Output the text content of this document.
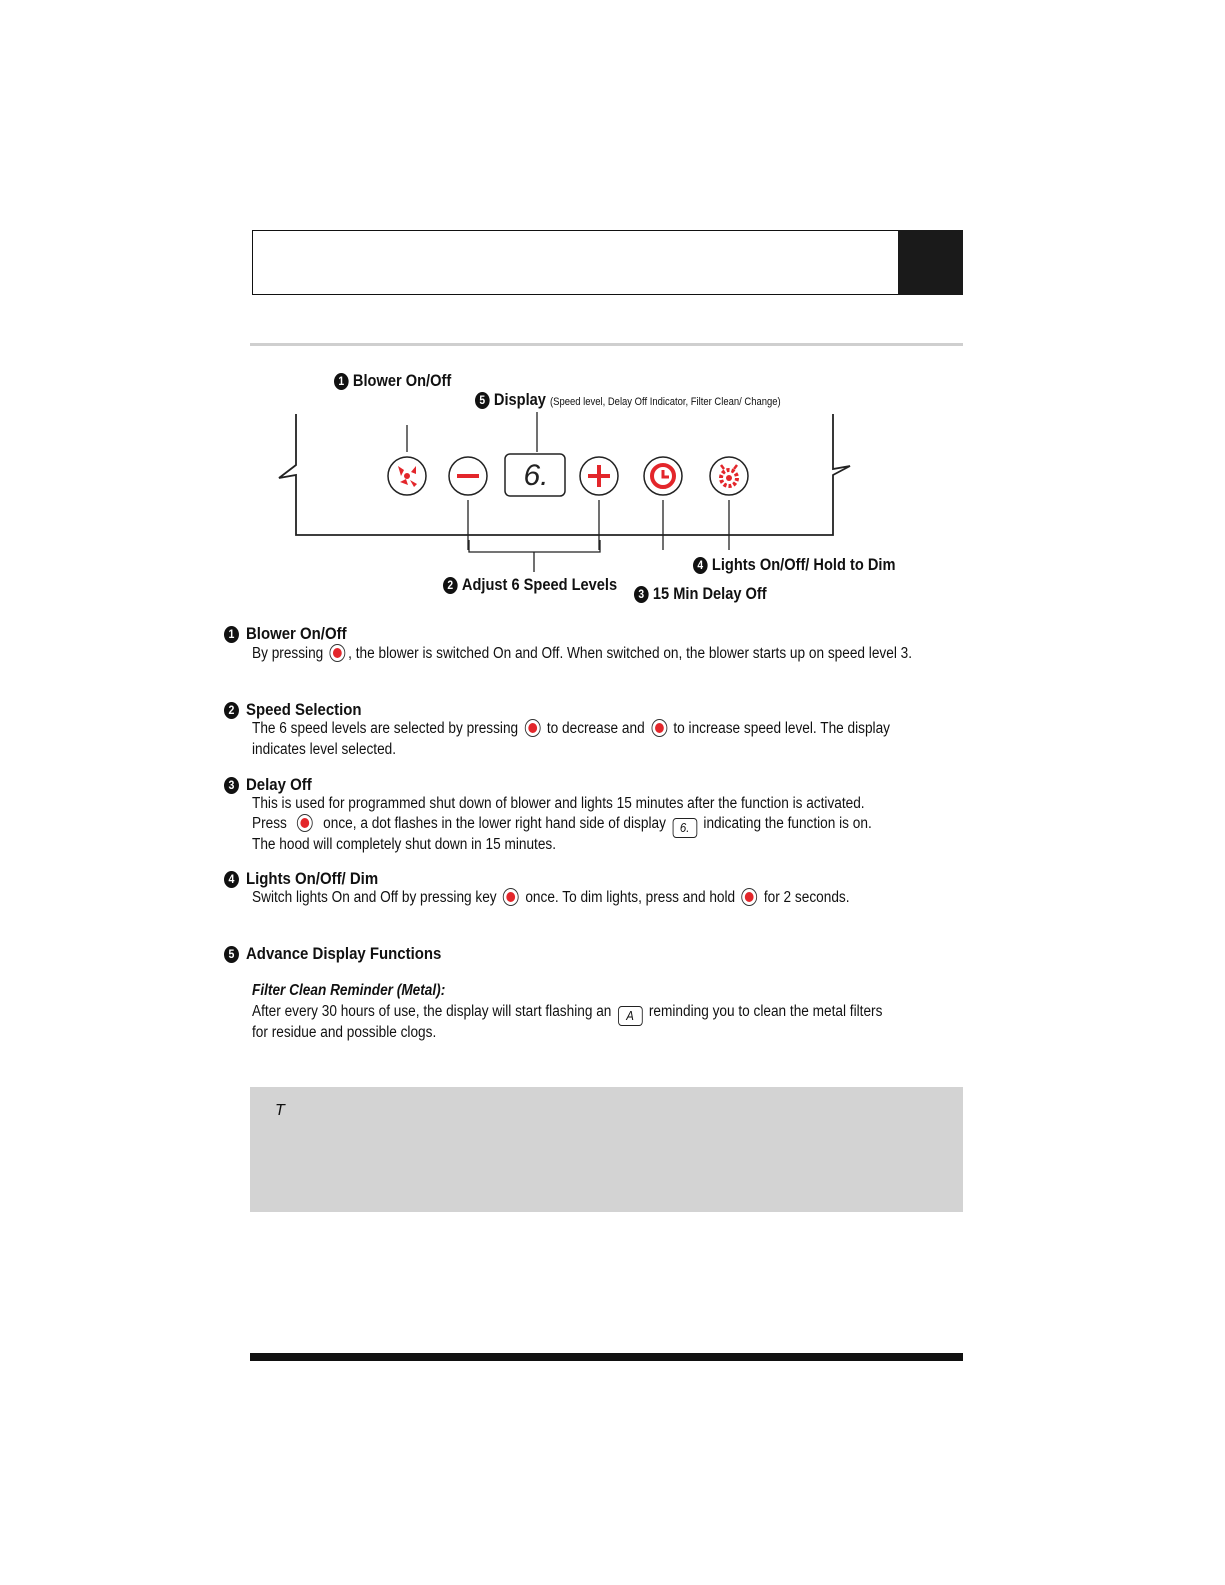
6.
1 Blower On/Off
5 Display (Speed level, Delay Off Indicator, Filter Clean/ Change)
4 Lights On/Off/ Hold to Dim
2 Adjust 6 Speed Levels	3 15 Min Delay Off
1 Blower On/Off
By pressing , the blower is switched On and Off. When switched on, the blower starts up on speed level 3.
2 Speed Selection
The 6 speed levels are selected by pressing to decrease and to increase speed level. The display
indicates level selected.
3 Delay Off
This is used for programmed shut down of blower and lights 15 minutes after the function is activated.
Press once, a dot flashes in the lower right hand side of display 6. indicating the function is on.
The hood will completely shut down in 15 minutes.
4 Lights On/Off/ Dim
Switch lights On and Off by pressing key once. To dim lights, press and hold for 2 seconds.
5 Advance Display Functions
Filter Clean Reminder (Metal):
After every 30 hours of use, the display will start flashing an A reminding you to clean the metal filters
for residue and possible clogs.
T
